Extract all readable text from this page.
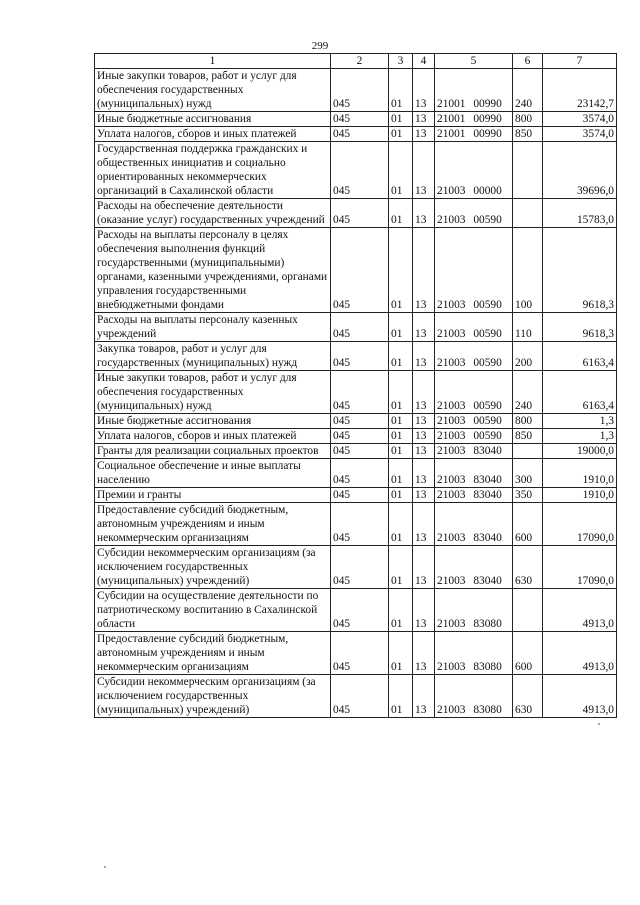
299
1	2	3	4	5	6	7
Иные закупки товаров, работ и услуг для обеспечения государственных (муниципальных) нужд	045	01	13	21001 00990	240	23142,7
Иные бюджетные ассигнования	045	01	13	21001 00990	800	3574,0
Уплата налогов, сборов и иных платежей	045	01	13	21001 00990	850	3574,0
Государственная поддержка гражданских и общественных инициатив и социально ориентированных некоммерческих организаций в Сахалинской области	045	01	13	21003 00000		39696,0
Расходы на обеспечение деятельности (оказание услуг) государственных учреждений	045	01	13	21003 00590		15783,0
Расходы на выплаты персоналу в целях обеспечения выполнения функций государственными (муниципальными) органами, казенными учреждениями, органами управления государственными внебюджетными фондами	045	01	13	21003 00590	100	9618,3
Расходы на выплаты персоналу казенных учреждений	045	01	13	21003 00590	110	9618,3
Закупка товаров, работ и услуг для государственных (муниципальных) нужд	045	01	13	21003 00590	200	6163,4
Иные закупки товаров, работ и услуг для обеспечения государственных (муниципальных) нужд	045	01	13	21003 00590	240	6163,4
Иные бюджетные ассигнования	045	01	13	21003 00590	800	1,3
Уплата налогов, сборов и иных платежей	045	01	13	21003 00590	850	1,3
Гранты для реализации социальных проектов	045	01	13	21003 83040		19000,0
Социальное обеспечение и иные выплаты населению	045	01	13	21003 83040	300	1910,0
Премии и гранты	045	01	13	21003 83040	350	1910,0
Предоставление субсидий бюджетным, автономным учреждениям и иным некоммерческим организациям	045	01	13	21003 83040	600	17090,0
Субсидии некоммерческим организациям (за исключением государственных (муниципальных) учреждений)	045	01	13	21003 83040	630	17090,0
Субсидии на осуществление деятельности по патриотическому воспитанию в Сахалинской области	045	01	13	21003 83080		4913,0
Предоставление субсидий бюджетным, автономным учреждениям и иным некоммерческим организациям	045	01	13	21003 83080	600	4913,0
Субсидии некоммерческим организациям (за исключением государственных (муниципальных) учреждений)	045	01	13	21003 83080	630	4913,0
